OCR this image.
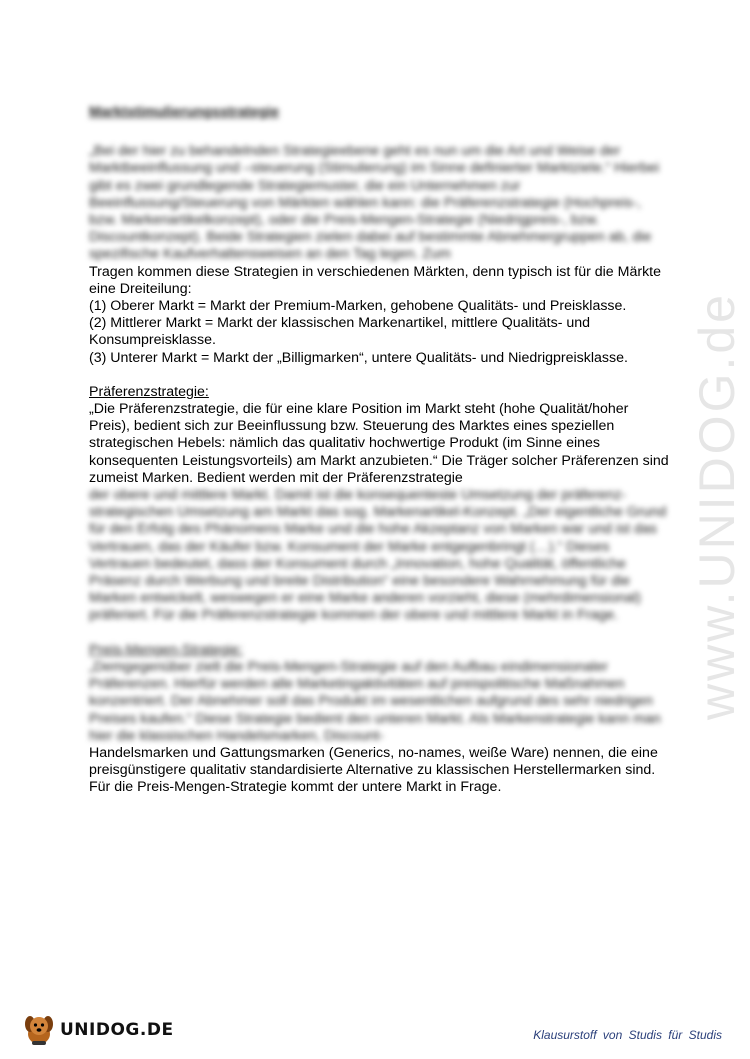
Marktstimulierungsstrategie

„Bei der hier zu behandelnden Strategieebene geht es nun um die Art und Weise der Marktbeeinflussung und –steuerung (Stimulierung) im Sinne definierter Marktziele.“ Hierbei gibt es zwei grundlegende Strategiemuster, die ein Unternehmen zur Beeinflussung/Steuerung von Märkten wählen kann: die Präferenzstrategie (Hochpreis-, bzw. Markenartikelkonzept), oder die Preis-Mengen-Strategie (Niedrigpreis-, bzw. Discountkonzept). Beide Strategien zielen dabei auf bestimmte Abnehmergruppen ab, die spezifische Kaufverhaltensweisen an den Tag legen. Zum

Tragen kommen diese Strategien in verschiedenen Märkten, denn typisch ist für die Märkte eine Dreiteilung:
(1) Oberer Markt = Markt der Premium-Marken, gehobene Qualitäts- und Preisklasse.
(2) Mittlerer Markt = Markt der klassischen Markenartikel, mittlere Qualitäts- und Konsumpreisklasse.
(3) Unterer Markt = Markt der „Billigmarken“, untere Qualitäts- und Niedrigpreisklasse.

Präferenzstrategie:

„Die Präferenzstrategie, die für eine klare Position im Markt steht (hohe Qualität/hoher Preis), bedient sich zur Beeinflussung bzw. Steuerung des Marktes eines speziellen strategischen Hebels: nämlich das qualitativ hochwertige Produkt (im Sinne eines konsequenten Leistungsvorteils) am Markt anzubieten.“ Die Träger solcher Präferenzen sind zumeist Marken. Bedient werden mit der Präferenzstrategie

der obere und mittlere Markt. Damit ist die konsequenteste Umsetzung der präferenz-strategischen Umsetzung am Markt das sog. Markenartikel-Konzept. „Der eigentliche Grund für den Erfolg des Phänomens Marke und die hohe Akzeptanz von Marken war und ist das Vertrauen, das der Käufer bzw. Konsument der Marke entgegenbringt (…).“ Dieses Vertrauen bedeutet, dass der Konsument durch „Innovation, hohe Qualität, öffentliche Präsenz durch Werbung und breite Distribution“ eine besondere Wahrnehmung für die Marken entwickelt, weswegen er eine Marke anderen vorzieht, diese (mehrdimensional) präferiert. Für die Präferenzstrategie kommen der obere und mittlere Markt in Frage.

Preis-Mengen-Strategie:

„Demgegenüber zielt die Preis-Mengen-Strategie auf den Aufbau eindimensionaler Präferenzen. Hierfür werden alle Marketingaktivitäten auf preispolitische Maßnahmen konzentriert. Der Abnehmer soll das Produkt im wesentlichen aufgrund des sehr niedrigen Preises kaufen.“ Diese Strategie bedient den unteren Markt. Als Markenstrategie kann man hier die klassischen Handelsmarken, Discount-

Handelsmarken und Gattungsmarken (Generics, no-names, weiße Ware) nennen, die eine preisgünstigere qualitativ standardisierte Alternative zu klassischen Herstellermarken sind. Für die Preis-Mengen-Strategie kommt der untere Markt in Frage.

www.UNIDOG.de
UNIDOG.DE	Klausurstoff von Studis für Studis
